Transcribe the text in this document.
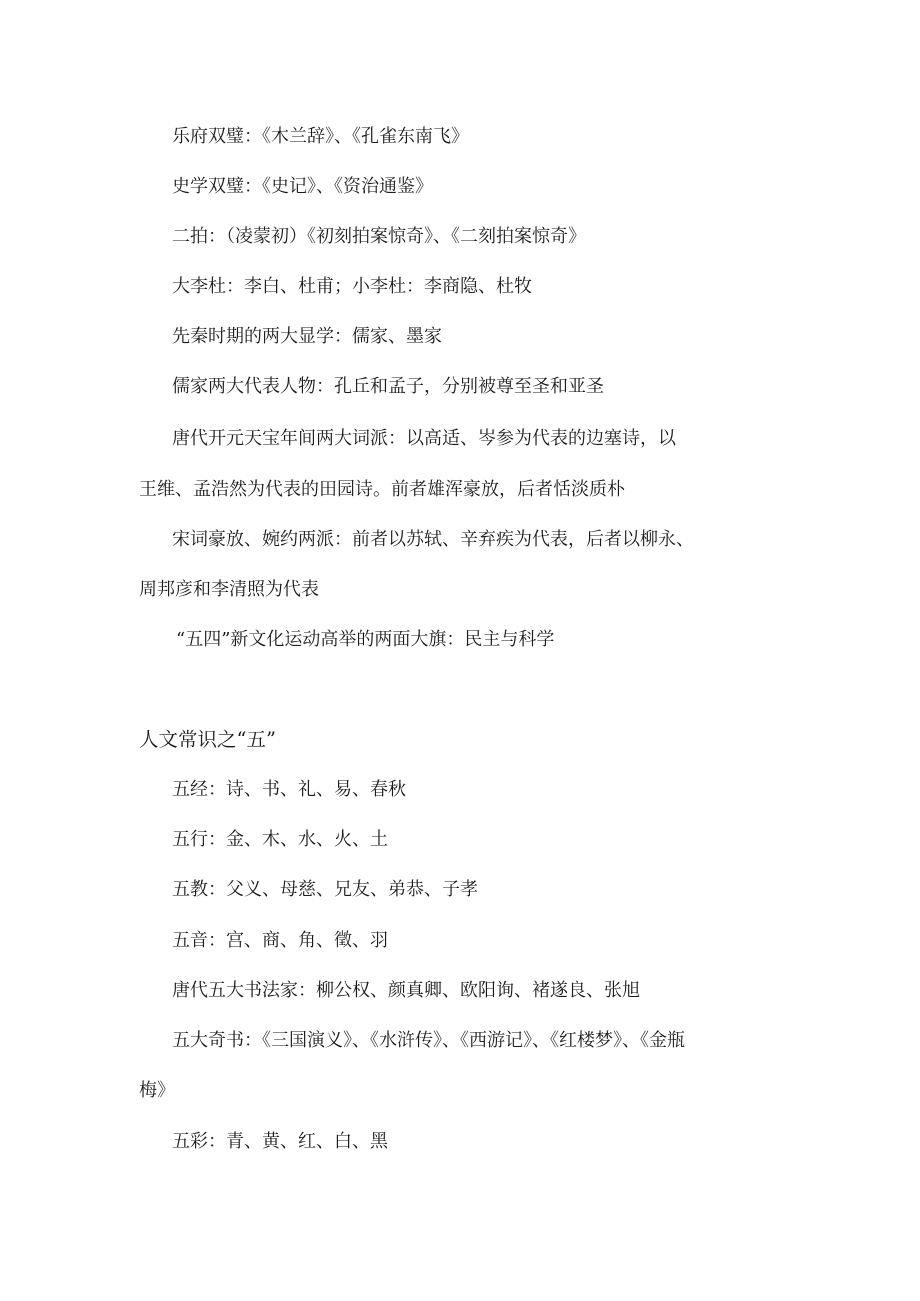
乐府双璧：《木兰辞》、《孔雀东南飞》
史学双璧：《史记》、《资治通鉴》
二拍：（凌蒙初）《初刻拍案惊奇》、《二刻拍案惊奇》
大李杜：李白、杜甫；小李杜：李商隐、杜牧
先秦时期的两大显学：儒家、墨家
儒家两大代表人物：孔丘和孟子，分别被尊至圣和亚圣
唐代开元天宝年间两大词派：以高适、岑参为代表的边塞诗，以
王维、孟浩然为代表的田园诗。前者雄浑豪放，后者恬淡质朴
宋词豪放、婉约两派：前者以苏轼、辛弃疾为代表，后者以柳永、
周邦彦和李清照为代表
“五四”新文化运动高举的两面大旗：民主与科学
人文常识之“五”
五经：诗、书、礼、易、春秋
五行：金、木、水、火、土
五教：父义、母慈、兄友、弟恭、子孝
五音：宫、商、角、徵、羽
唐代五大书法家：柳公权、颜真卿、欧阳询、褚遂良、张旭
五大奇书：《三国演义》、《水浒传》、《西游记》、《红楼梦》、《金瓶
梅》
五彩：青、黄、红、白、黑
